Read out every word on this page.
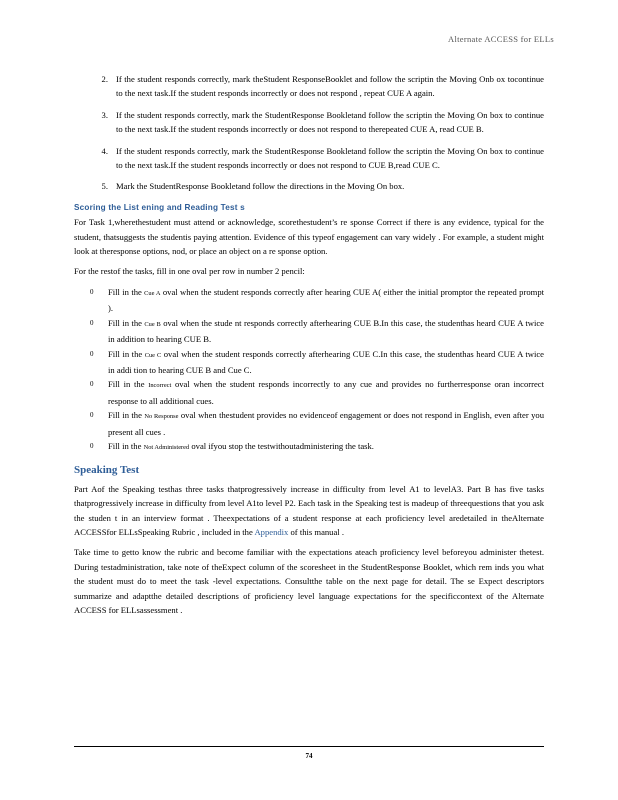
Alternate ACCESS for ELLs
2. If the student responds correctly, mark theStudent ResponseBooklet and follow the scriptin the Moving Onb ox tocontinue to the next task.If the student responds incorrectly or does not respond , repeat CUE A again.
3. If the student responds correctly, mark the StudentResponse Bookletand follow the scriptin the Moving On box to continue to the next task.If the student responds incorrectly or does not respond to therepeated CUE A, read CUE B.
4. If the student responds correctly, mark the StudentResponse Bookletand follow the scriptin the Moving On box to continue to the next task.If the student responds incorrectly or does not respond to CUE B,read CUE C.
5. Mark the StudentResponse Bookletand follow the directions in the Moving On box.
Scoring the List ening and Reading Test s

For Task 1,wherethestudent must attend or acknowledge, scorethestudent’s re sponse Correct if there is any evidence, typical for the student, thatsuggests the studentis paying attention. Evidence of this typeof engagement can vary widely . For example, a student might look at theresponse options, nod, or place an object on a re sponse option.

For the restof the tasks, fill in one oval per row in number 2 pencil:

0	Fill in the Cue A oval when the student responds correctly after hearing CUE A( either the initial promptor the repeated prompt ).
0	Fill in the Cue B oval when the stude nt responds correctly afterhearing CUE B.In this case, the studenthas heard CUE A twice in addition to hearing CUE B.
0	Fill in the Cue C oval when the student responds correctly afterhearing CUE C.In this case, the studenthas heard CUE A twice in addi tion to hearing CUE B and Cue C.
0	Fill in the Incorrect oval when the student responds incorrectly to any cue and provides no furtherresponse oran incorrect response to all additional cues.
0	Fill in the No Response oval when thestudent provides no evidenceof engagement or does not respond in English, even after you present all cues .
0	Fill in the Not Administered oval ifyou stop the testwithoutadministering the task.
Speaking Test

Part Aof the Speaking testhas three tasks thatprogressively increase in difficulty from level A1 to levelA3. Part B has five tasks thatprogressively increase in difficulty from level A1to level P2. Each task in the Speaking test is madeup of threequestions that you ask the studen t in an interview format . Theexpectations of a student response at each proficiency level aredetailed in theAlternate ACCESSfor ELLsSpeaking Rubric , included in the Appendix of this manual .

Take time to getto know the rubric and become familiar with the expectations ateach proficiency level beforeyou administer thetest. During testadministration, take note of theExpect column of the scoresheet in the StudentResponse Booklet, which rem inds you what the student must do to meet the task -level expectations. Consultthe table on the next page for detail. The se Expect descriptors summarize and adaptthe detailed descriptions of proficiency level language expectations for the specificcontext of the Alternate ACCESS for ELLsassessment .

74
